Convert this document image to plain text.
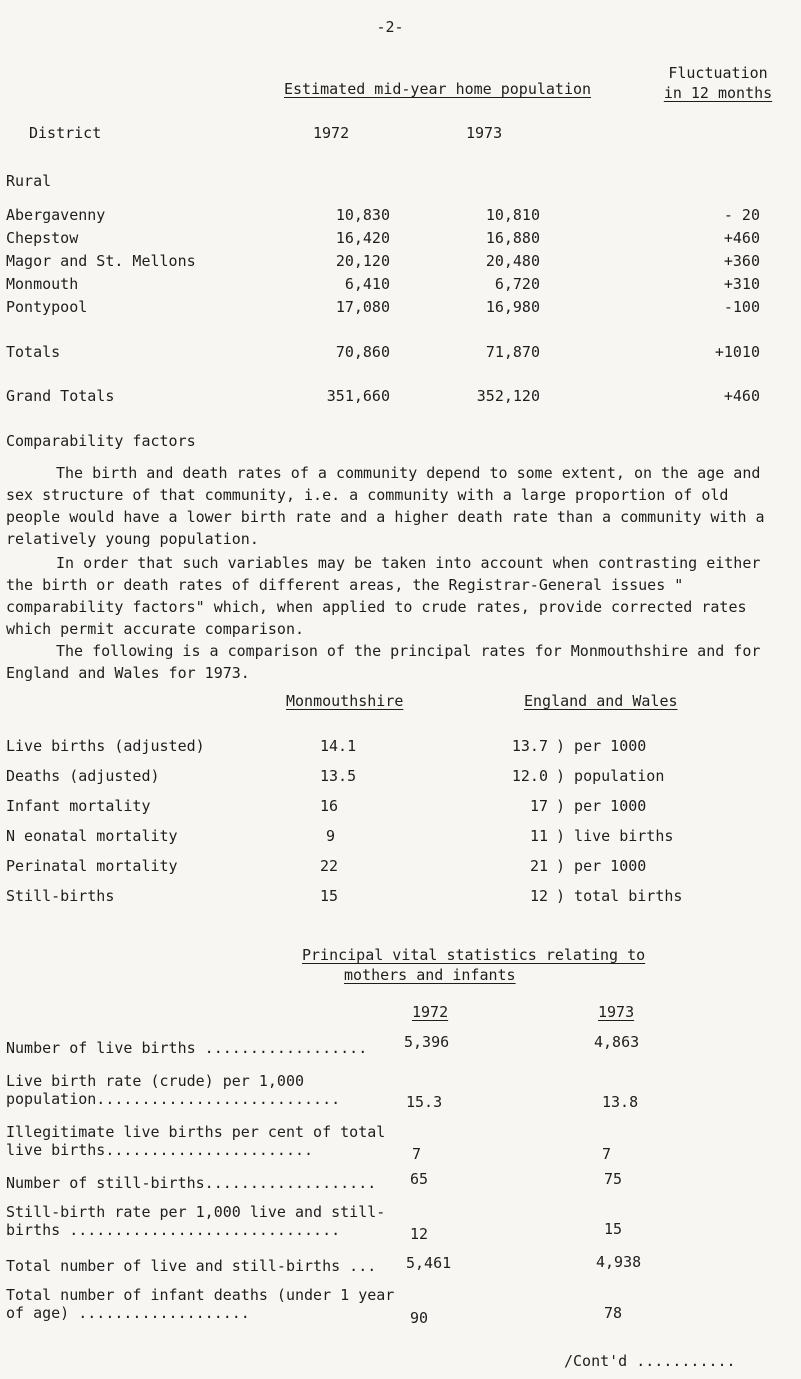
-2-
Estimated mid-year home population
Fluctuation
in 12 months
District	1972	1973
Rural
Abergavenny	10,830	10,810	- 20
Chepstow	16,420	16,880	+460
Magor and St. Mellons	20,120	20,480	+360
Monmouth	6,410	6,720	+310
Pontypool	17,080	16,980	-100
Totals	70,860	71,870	+1010
Grand Totals	351,660	352,120	+460
Comparability factors
The birth and death rates of a community depend to some extent, on the age and sex structure of that community, i.e. a community with a large proportion of old people would have a lower birth rate and a higher death rate than a community with a relatively young population.
In order that such variables may be taken into account when contrasting either the birth or death rates of different areas, the Registrar-General issues " comparability factors" which, when applied to crude rates, provide corrected rates which permit accurate comparison.
The following is a comparison of the principal rates for Monmouthshire and for England and Wales for 1973.
Monmouthshire	England and Wales
Live births (adjusted)	14.1	13.7 ) per 1000
Deaths (adjusted)	13.5	12.0 ) population
Infant mortality	16	17 ) per 1000
N eonatal mortality	9	11 ) live births
Perinatal mortality	22	21 ) per 1000
Still-births	15	12 ) total births
Principal vital statistics relating to
mothers and infants
1972	1973
Number of live births .................. 5,396	4,863
Live birth rate (crude) per 1,000 population...........................	15.3	13.8
Illegitimate live births per cent of total live births.......................	7	7
Number of still-births................... 65	75
Still-birth rate per 1,000 live and still-births ..............................	12	15
Total number of live and still-births ... 5,461	4,938
Total number of infant deaths (under 1 year of age) ...................	90	78
/Cont'd ...........
